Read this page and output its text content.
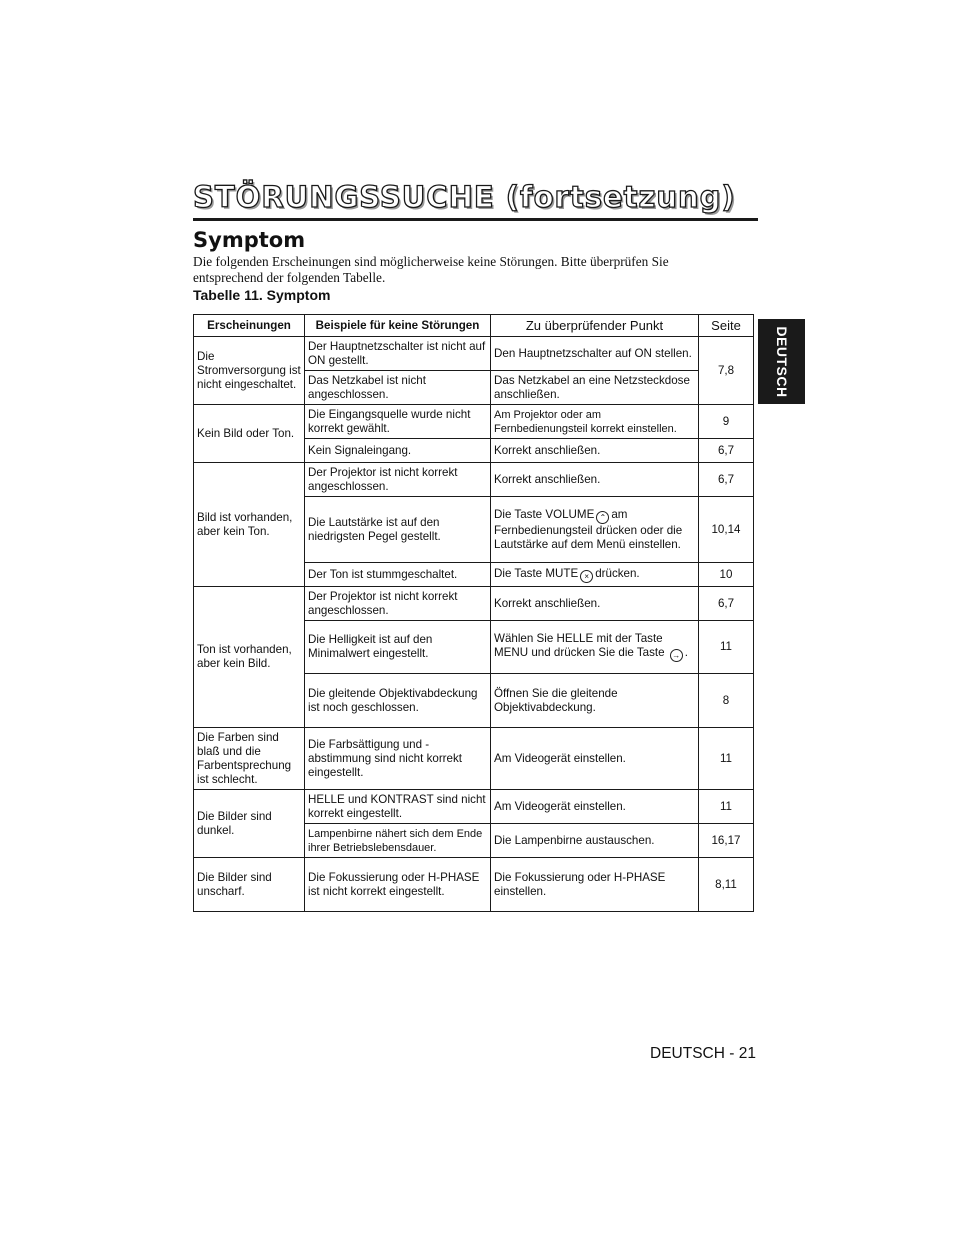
STÖRUNGSSUCHE (fortsetzung)
Symptom
Die folgenden Erscheinungen sind möglicherweise keine Störungen. Bitte überprüfen Sie entsprechend der folgenden Tabelle.
Tabelle 11. Symptom
Erscheinungen	Beispiele für keine Störungen	Zu überprüfender Punkt	Seite
Die Stromversorgung ist nicht eingeschaltet.	Der Hauptnetzschalter ist nicht auf ON gestellt.	Den Hauptnetzschalter auf ON stellen.	7,8
	Das Netzkabel ist nicht angeschlossen.	Das Netzkabel an eine Netzsteckdose anschließen.	
Kein Bild oder Ton.	Die Eingangsquelle wurde nicht korrekt gewählt.	Am Projektor oder am Fernbedienungsteil korrekt einstellen.	9
	Kein Signaleingang.	Korrekt anschließen.	6,7
Bild ist vorhanden, aber kein Ton.	Der Projektor ist nicht korrekt angeschlossen.	Korrekt anschließen.	6,7
	Die Lautstärke ist auf den niedrigsten Pegel gestellt.	Die Taste VOLUME ⌃ am Fernbedienungsteil drücken oder die Lautstärke auf dem Menü einstellen.	10,14
	Der Ton ist stummgeschaltet.	Die Taste MUTE × drücken.	10
Ton ist vorhanden, aber kein Bild.	Der Projektor ist nicht korrekt angeschlossen.	Korrekt anschließen.	6,7
	Die Helligkeit ist auf den Minimalwert eingestellt.	Wählen Sie HELLE mit der Taste MENU und drücken Sie die Taste → .	11
	Die gleitende Objektivabdeckung ist noch geschlossen.	Öffnen Sie die gleitende Objektivabdeckung.	8
Die Farben sind blaß und die Farbentsprechung ist schlecht.	Die Farbsättigung und -abstimmung sind nicht korrekt eingestellt.	Am Videogerät einstellen.	11
Die Bilder sind dunkel.	HELLE und KONTRAST sind nicht korrekt eingestellt.	Am Videogerät einstellen.	11
	Lampenbirne nähert sich dem Ende ihrer Betriebslebensdauer.	Die Lampenbirne austauschen.	16,17
Die Bilder sind unscharf.	Die Fokussierung oder H-PHASE ist nicht korrekt eingestellt.	Die Fokussierung oder H-PHASE einstellen.	8,11
DEUTSCH
DEUTSCH - 21
